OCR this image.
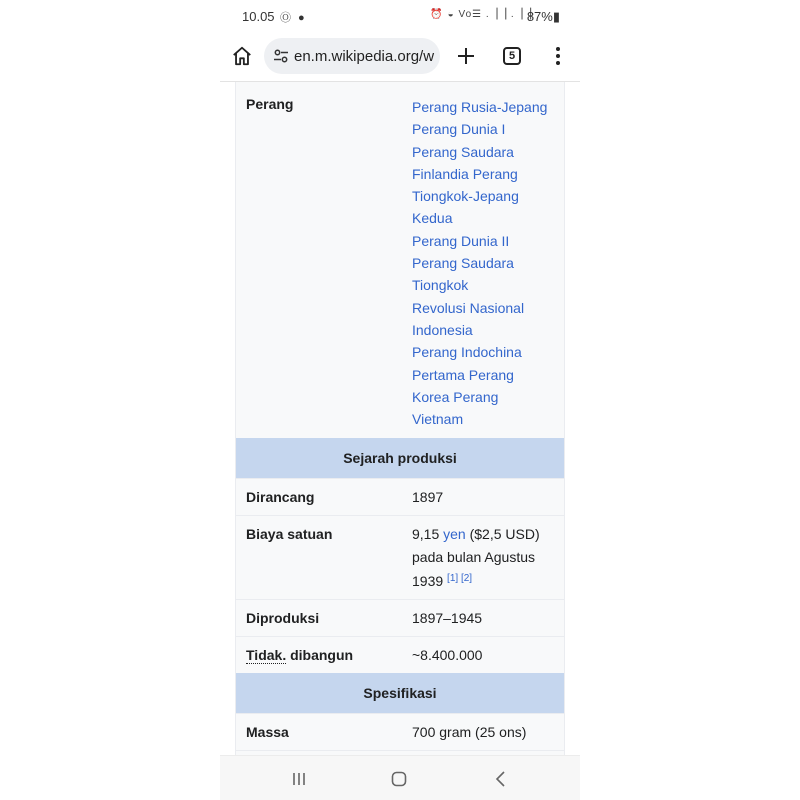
10.05 Ⓞ ●	⏰ ◒ Vo☰ .▕▕ .▕▕
87%▮
en.m.wikipedia.org/w	5
Perang	Perang Rusia-Jepang
Perang Dunia I
Perang Saudara
Finlandia Perang
Tiongkok-Jepang
Kedua
Perang Dunia II
Perang Saudara
Tiongkok
Revolusi Nasional
Indonesia
Perang Indochina
Pertama Perang
Korea Perang
Vietnam
Sejarah produksi
Dirancang	1897
Biaya satuan	9,15 yen ($2,5 USD)
pada bulan Agustus
1939 [1] [2]
Diproduksi	1897–1945
Tidak. dibangun	~8.400.000
Spesifikasi
Massa	700 gram (25 ons)
